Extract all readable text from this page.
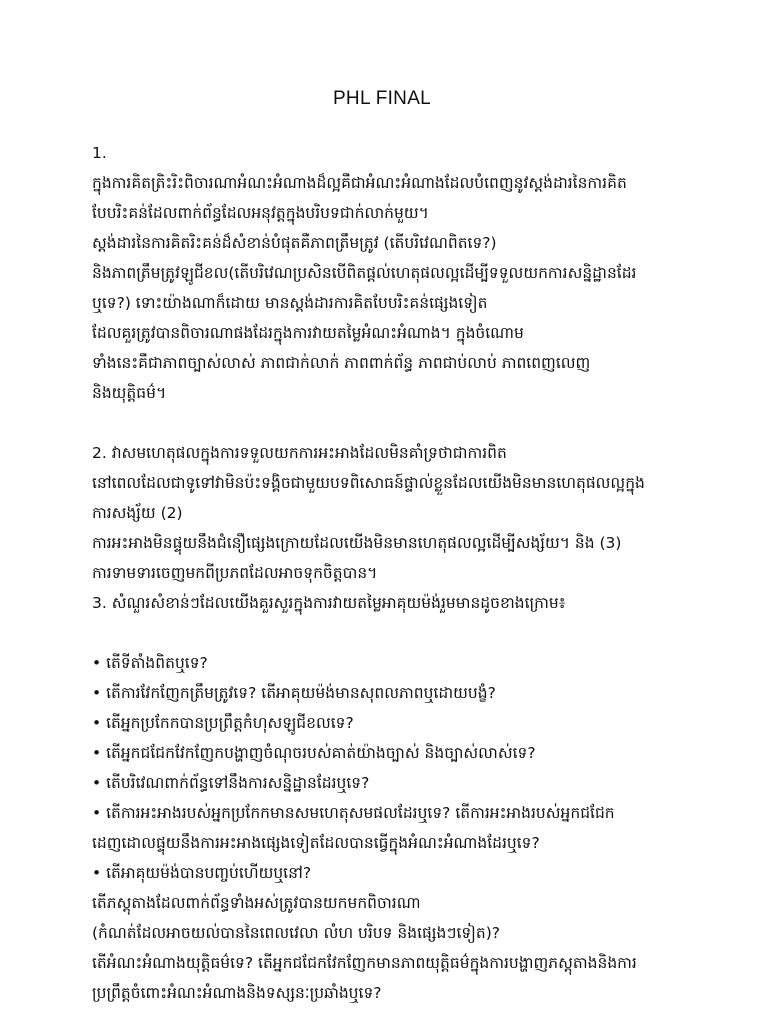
PHL FINAL
1.
ក្នុងការគិតត្រិះរិះពិចារណាអំណះអំណាងដ៏ល្អគឺជាអំណះអំណាងដែលបំពេញនូវស្តង់ដារនៃការគិត
បែបរិះគន់ដែលពាក់ព័ន្ធដែលអនុវត្តក្នុងបរិបទជាក់លាក់មួយ។
ស្តង់ដារនៃការគិតរិះគន់ដ៏សំខាន់បំផុតគឺភាពត្រឹមត្រូវ (តើបរិវេណពិតទេ?)
និងភាពត្រឹមត្រូវឡូជីខល(តើបរិវេណប្រសិនបើពិតផ្តល់ហេតុផលល្អដើម្បីទទួលយកការសន្និដ្ឋានដែរ
ឬទេ?) ទោះយ៉ាងណាក៏ដោយ មានស្តង់ដារការគិតបែបរិះគន់ផ្សេងទៀត
ដែលគួរត្រូវបានពិចារណាផងដែរក្នុងការវាយតម្លៃអំណះអំណាង។ ក្នុងចំណោម
ទាំងនេះគឺជាភាពច្បាស់លាស់ ភាពជាក់លាក់ ភាពពាក់ព័ន្ធ ភាពជាប់លាប់ ភាពពេញលេញ
និងយុត្តិធម៌។
2. វាសមហេតុផលក្នុងការទទួលយកការអះអាងដែលមិនគាំទ្រថាជាការពិត
នៅពេលដែលជាទូទៅវាមិនប៉ះទង្គិចជាមួយបទពិសោធន៍ផ្ទាល់ខ្លួនដែលយើងមិនមានហេតុផលល្អក្នុង
ការសង្ស័យ (2)
ការអះអាងមិនផ្ទុយនឹងជំនឿផ្សេងក្រោយដែលយើងមិនមានហេតុផលល្អដើម្បីសង្ស័យ។ និង (3)
ការទាមទារចេញមកពីប្រភពដែលអាចទុកចិត្តបាន។
3. សំណួរសំខាន់ៗដែលយើងគួរសួរក្នុងការវាយតម្លៃអាគុយម៉ង់រួមមានដូចខាងក្រោម៖
• តើទីតាំងពិតឬទេ?
• តើការវែកញែកត្រឹមត្រូវទេ? តើអាគុយម៉ង់មានសុពលភាពឬដោយបង្ខំ?
• តើអ្នកប្រកែកបានប្រព្រឹត្តកំហុសឡូជីខលទេ?
• តើអ្នកជជែកវែកញែកបង្ហាញចំណុចរបស់គាត់យ៉ាងច្បាស់ និងច្បាស់លាស់ទេ?
• តើបរិវេណពាក់ព័ន្ធទៅនឹងការសន្និដ្ឋានដែរឬទេ?
• តើការអះអាងរបស់អ្នកប្រកែកមានសមហេតុសមផលដែរឬទេ? តើការអះអាងរបស់អ្នកជជែក
ដេញដោលផ្ទុយនឹងការអះអាងផ្សេងទៀតដែលបានធ្វើក្នុងអំណះអំណាងដែរឬទេ?
• តើអាគុយម៉ង់បានបញ្ចប់ហើយឬនៅ?
តើភស្តុតាងដែលពាក់ព័ន្ធទាំងអស់ត្រូវបានយកមកពិចារណា
(កំណត់ដែលអាចយល់បាននៃពេលវេលា លំហ បរិបទ និងផ្សេងៗទៀត)?
តើអំណះអំណាងយុត្តិធម៌ទេ? តើអ្នកជជែកវែកញែកមានភាពយុត្តិធម៌ក្នុងការបង្ហាញភស្តុតាងនិងការ
ប្រព្រឹត្តចំពោះអំណះអំណាងនិងទស្សនៈប្រឆាំងឬទេ?
